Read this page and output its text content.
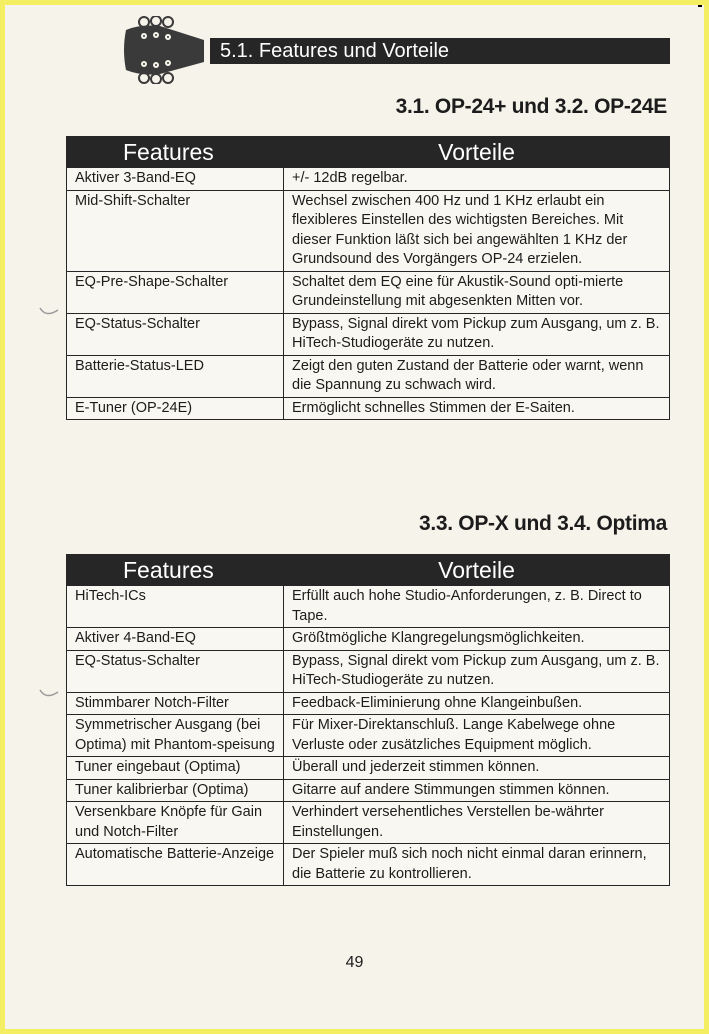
5.1. Features und Vorteile
3.1. OP-24+ und 3.2. OP-24E
Features	Vorteile
Aktiver 3-Band-EQ	+/- 12dB regelbar.
Mid-Shift-Schalter	Wechsel zwischen 400 Hz und 1 KHz erlaubt ein flexibleres Einstellen des wichtigsten Bereiches. Mit dieser Funktion läßt sich bei angewählten 1 KHz der Grundsound des Vorgängers OP-24 erzielen.
EQ-Pre-Shape-Schalter	Schaltet dem EQ eine für Akustik-Sound opti-mierte Grundeinstellung mit abgesenkten Mitten vor.
EQ-Status-Schalter	Bypass, Signal direkt vom Pickup zum Ausgang, um z. B. HiTech-Studiogeräte zu nutzen.
Batterie-Status-LED	Zeigt den guten Zustand der Batterie oder warnt, wenn die Spannung zu schwach wird.
E-Tuner (OP-24E)	Ermöglicht schnelles Stimmen der E-Saiten.
3.3. OP-X und 3.4. Optima
Features	Vorteile
HiTech-ICs	Erfüllt auch hohe Studio-Anforderungen, z. B. Direct to Tape.
Aktiver 4-Band-EQ	Größtmögliche Klangregelungsmöglichkeiten.
EQ-Status-Schalter	Bypass, Signal direkt vom Pickup zum Ausgang, um z. B. HiTech-Studiogeräte zu nutzen.
Stimmbarer Notch-Filter	Feedback-Eliminierung ohne Klangeinbußen.
Symmetrischer Ausgang (bei Optima) mit Phantom-speisung	Für Mixer-Direktanschluß. Lange Kabelwege ohne Verluste oder zusätzliches Equipment möglich.
Tuner eingebaut (Optima)	Überall und jederzeit stimmen können.
Tuner kalibrierbar (Optima)	Gitarre auf andere Stimmungen stimmen können.
Versenkbare Knöpfe für Gain und Notch-Filter	Verhindert versehentliches Verstellen be-währter Einstellungen.
Automatische Batterie-Anzeige	Der Spieler muß sich noch nicht einmal daran erinnern, die Batterie zu kontrollieren.
49
